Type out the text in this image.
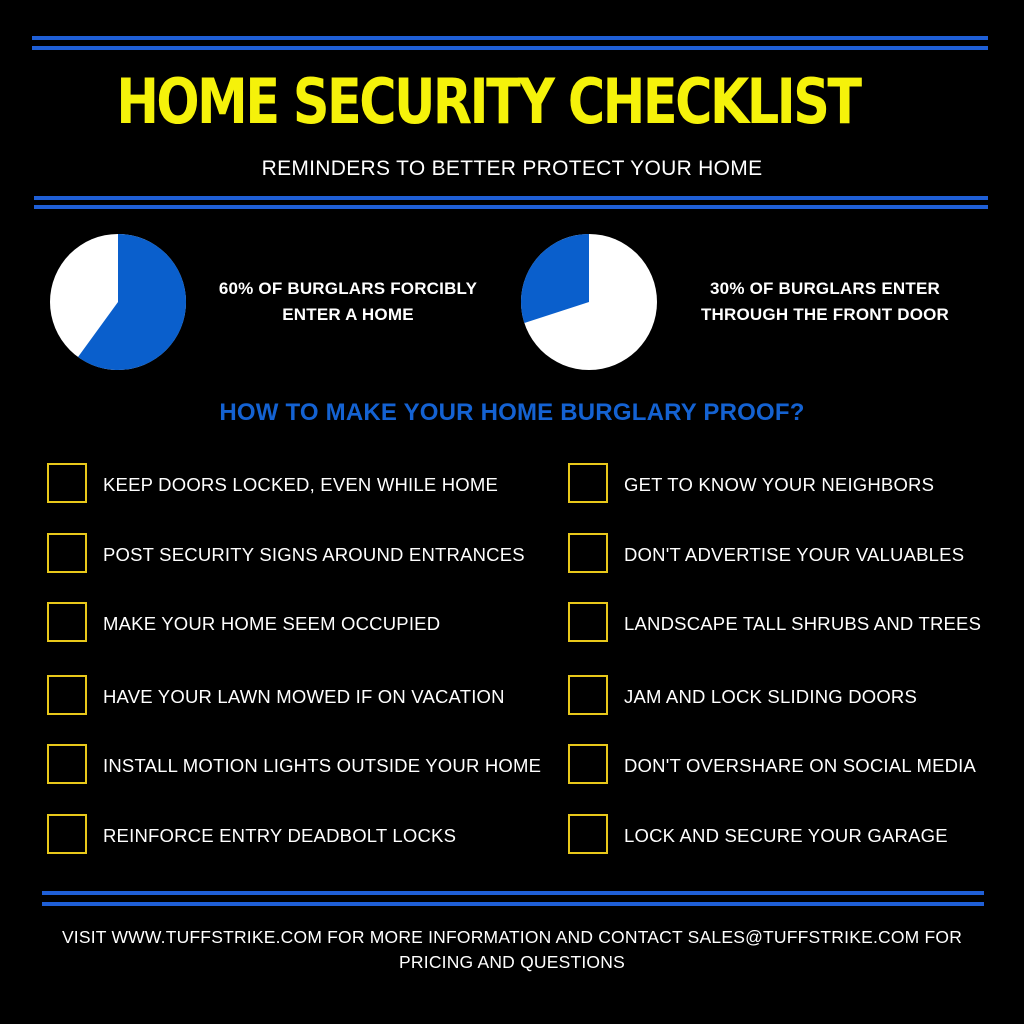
HOME SECURITY CHECKLIST
REMINDERS TO BETTER PROTECT YOUR HOME
60% OF BURGLARS FORCIBLY
ENTER A HOME
30% OF BURGLARS ENTER
THROUGH THE FRONT DOOR
HOW TO MAKE YOUR HOME BURGLARY PROOF?
KEEP DOORS LOCKED, EVEN WHILE HOME
POST SECURITY SIGNS AROUND ENTRANCES
MAKE YOUR HOME SEEM OCCUPIED
HAVE YOUR LAWN MOWED IF ON VACATION
INSTALL MOTION LIGHTS OUTSIDE YOUR HOME
REINFORCE ENTRY DEADBOLT LOCKS
GET TO KNOW YOUR NEIGHBORS
DON'T ADVERTISE YOUR VALUABLES
LANDSCAPE TALL SHRUBS AND TREES
JAM AND LOCK SLIDING DOORS
DON'T OVERSHARE ON SOCIAL MEDIA
LOCK AND SECURE YOUR GARAGE
VISIT WWW.TUFFSTRIKE.COM FOR MORE INFORMATION AND CONTACT SALES@TUFFSTRIKE.COM FOR
PRICING AND QUESTIONS
